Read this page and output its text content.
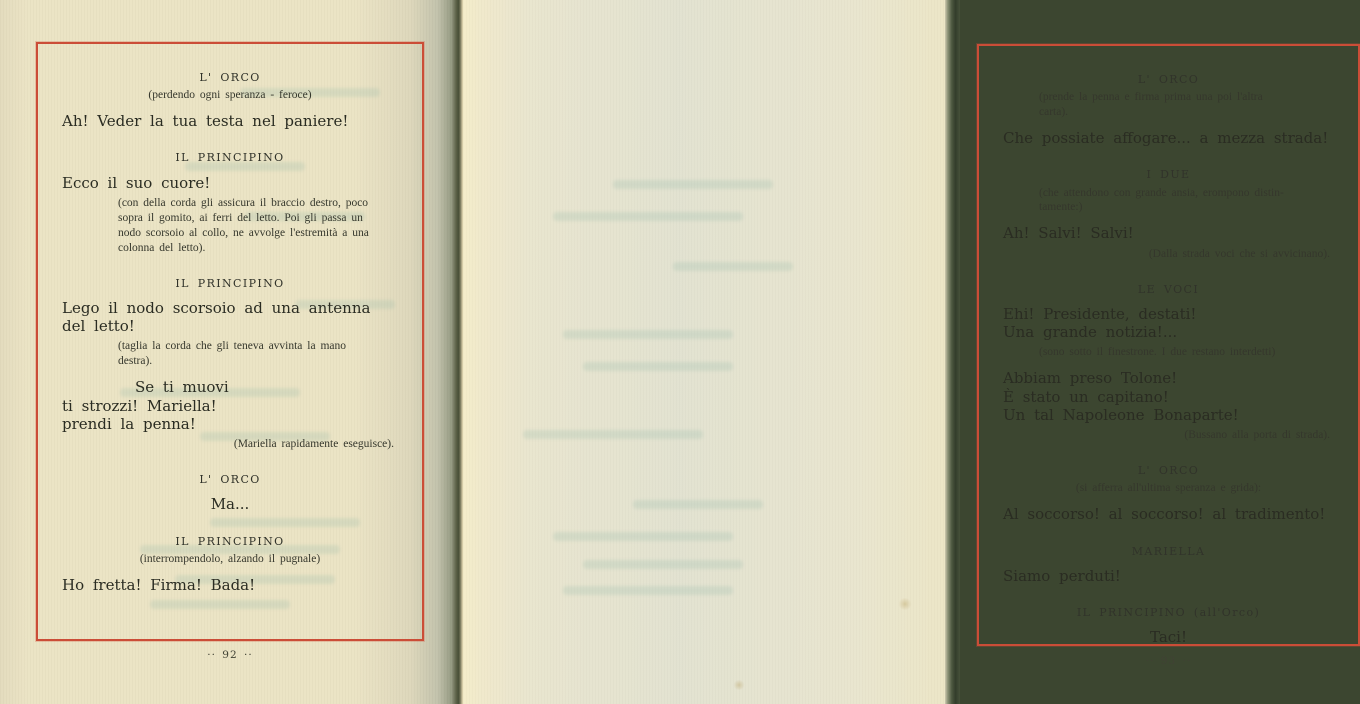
L' ORCO
(perdendo ogni speranza - feroce)
Ah! Veder la tua testa nel paniere!
IL PRINCIPINO
Ecco il suo cuore!
(con della corda gli assicura il braccio destro, poco
sopra il gomito, ai ferri del letto. Poi gli passa un
nodo scorsoio al collo, ne avvolge l'estremità a una
colonna del letto).
IL PRINCIPINO
Lego il nodo scorsoio ad una antenna
del letto!
(taglia la corda che gli teneva avvinta la mano
destra).
Se ti muovi
ti strozzi! Mariella!
prendi la penna!
(Mariella rapidamente eseguisce).
L' ORCO
Ma...
IL PRINCIPINO
(interrompendolo, alzando il pugnale)
Ho fretta! Firma! Bada!
·· 92 ··
L' ORCO
(prende la penna e firma prima una poi l'altra
carta).
Che possiate affogare... a mezza strada!
I DUE
(che attendono con grande ansia, erompono distin-
tamente:)
Ah! Salvi! Salvi!
(Dalla strada voci che si avvicinano).
LE VOCI
Ehi! Presidente, destati!
Una grande notizia!...
(sono sotto il finestrone. I due restano interdetti)
Abbiam preso Tolone!
È stato un capitano!
Un tal Napoleone Bonaparte!
(Bussano alla porta di strada).
L' ORCO
(si afferra all'ultima speranza e grida):
Al soccorso! al soccorso! al tradimento!
MARIELLA
Siamo perduti!
IL PRINCIPINO (all'Orco)
Taci!
·· 93 ··
